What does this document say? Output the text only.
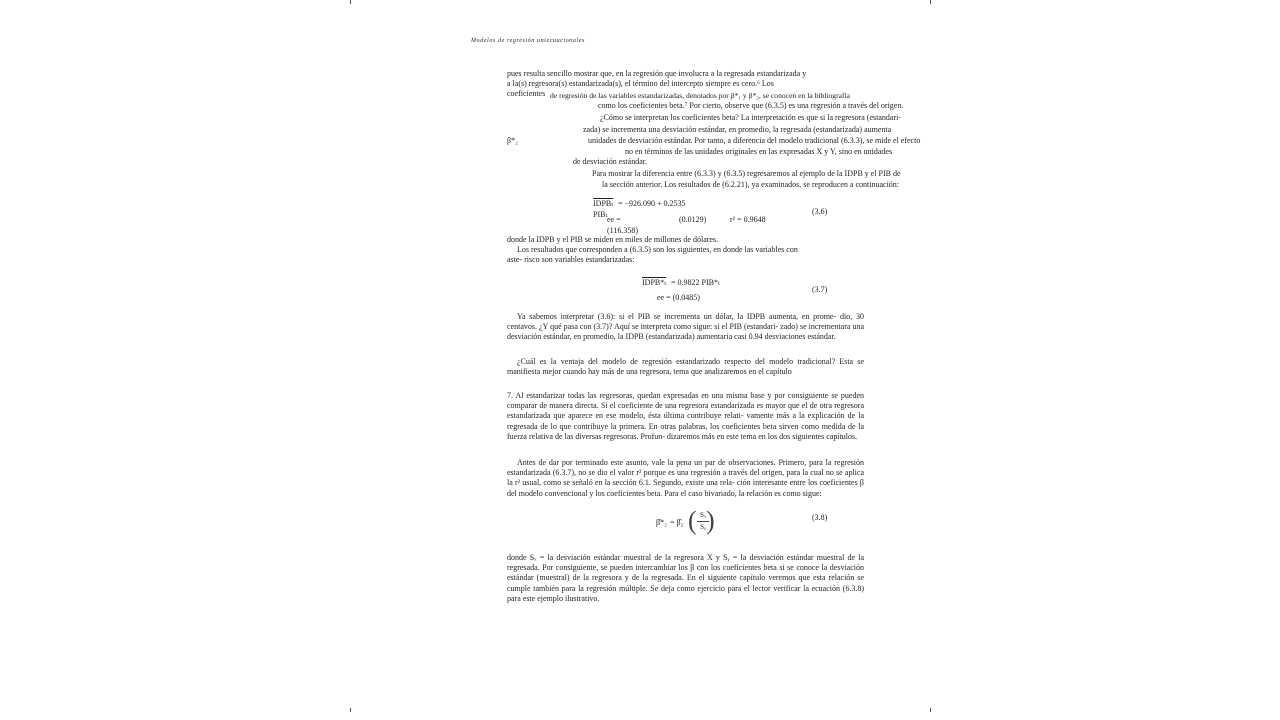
Modelos de regresión uniecuacionales
pues resulta sencillo mostrar que, en la regresión que involucra a la regresada estandarizada y
a la(s) regresora(s) estandarizada(s), el término del intercepto siempre es cero.⁶ Los
coeficientes de regresión de las variables estandarizadas, denotados por β*₁ y β*₂, se conocen en la bibliografía
como los coeficientes beta.⁷ Por cierto, observe que (6.3.5) es una regresión a través del origen.
¿Cómo se interpretan los coeficientes beta? La interpretación es que si la regresora (estandari-
zada) se incrementa una desviación estándar, en promedio, la regresada (estandarizada) aumenta
β*₂	unidades de desviación estándar. Por tanto, a diferencia del modelo tradicional (6.3.3), se mide el efecto
no en términos de las unidades originales en las expresadas X y Y, sino en unidades
de desviación estándar.
Para mostrar la diferencia entre (6.3.3) y (6.3.5) regresaremos al ejemplo de la IDPB y el PIB de
la sección anterior. Los resultados de (6.2.21), ya examinados, se reproducen a continuación:
IDPBₜ = −926.090 + 0.2535
PIBₜ
ee =	(0.0129)	r² = 0.9648
(116.358)
(3.6)
donde la IDPB y el PIB se miden en miles de millones de dólares.
Los resultados que corresponden a (6.3.5) son los siguientes, en donde las variables con
aste- risco son variables estandarizadas:
IDPB*ₜ = 0.9822 PIB*ₜ
ee = (0.0485)
(3.7)
Ya sabemos interpretar (3.6): si el PIB se incrementa un dólar, la IDPB aumenta, en prome- dio, 30 centavos. ¿Y qué pasa con (3.7)? Aquí se interpreta como sigue: si el PIB (estandari- zado) se incrementara una desviación estándar, en promedio, la IDPB (estandarizada) aumentaría casi 0.94 desviaciones estándar.
¿Cuál es la ventaja del modelo de regresión estandarizado respecto del modelo tradicional? Esta se manifiesta mejor cuando hay más de una regresora, tema que analizaremos en el capítulo
7. Al estandarizar todas las regresoras, quedan expresadas en una misma base y por consiguiente se pueden comparar de manera directa. Si el coeficiente de una regresora estandarizada es mayor que el de otra regresora estandarizada que aparece en ese modelo, ésta última contribuye relati- vamente más a la explicación de la regresada de lo que contribuye la primera. En otras palabras, los coeficientes beta sirven como medida de la fuerza relativa de las diversas regresoras. Profun- dizaremos más en este tema en los dos siguientes capítulos.
Antes de dar por terminado este asunto, vale la pena un par de observaciones. Primero, para la regresión estandarizada (6.3.7), no se dio el valor r² porque es una regresión a través del origen, para la cual no se aplica la r² usual, como se señaló en la sección 6.1. Segundo, existe una rela- ción interesante entre los coeficientes β del modelo convencional y los coeficientes beta. Para el caso bivariado, la relación es como sigue:
β̂*₂ = β̂₂ ( Sₓ
Sᵧ )	(3.8)
donde Sₓ = la desviación estándar muestral de la regresora X y Sᵧ = la desviación estándar muestral de la regresada. Por consiguiente, se pueden intercambiar los β con los coeficientes beta si se conoce la desviación estándar (muestral) de la regresora y de la regresada. En el siguiente capítulo veremos que esta relación se cumple también para la regresión múltiple. Se deja como ejercicio para el lector verificar la ecuación (6.3.8) para este ejemplo ilustrativo.
